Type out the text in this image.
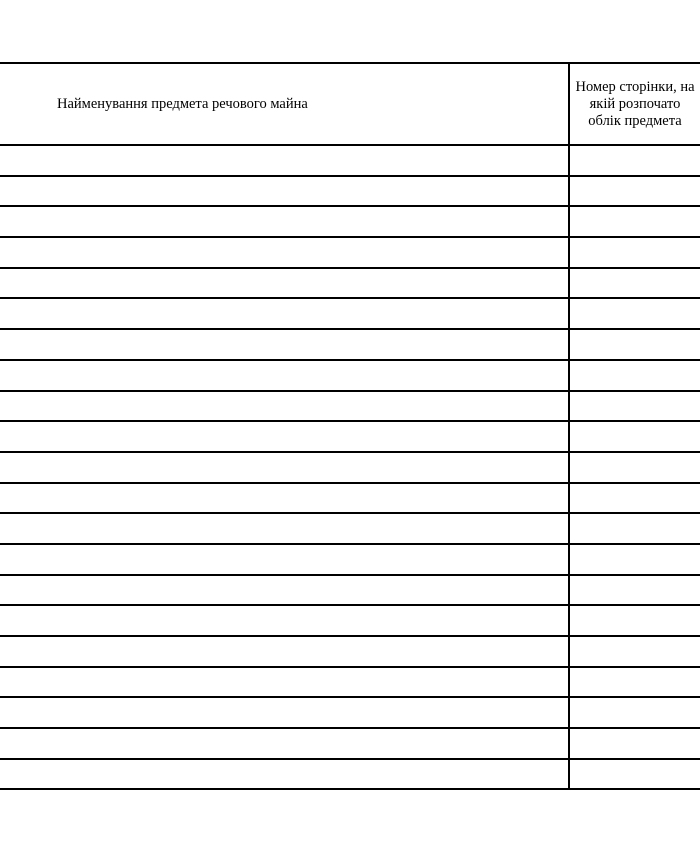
Найменування предмета речового майна	Номер сторінки, на якій розпочато облік предмета
